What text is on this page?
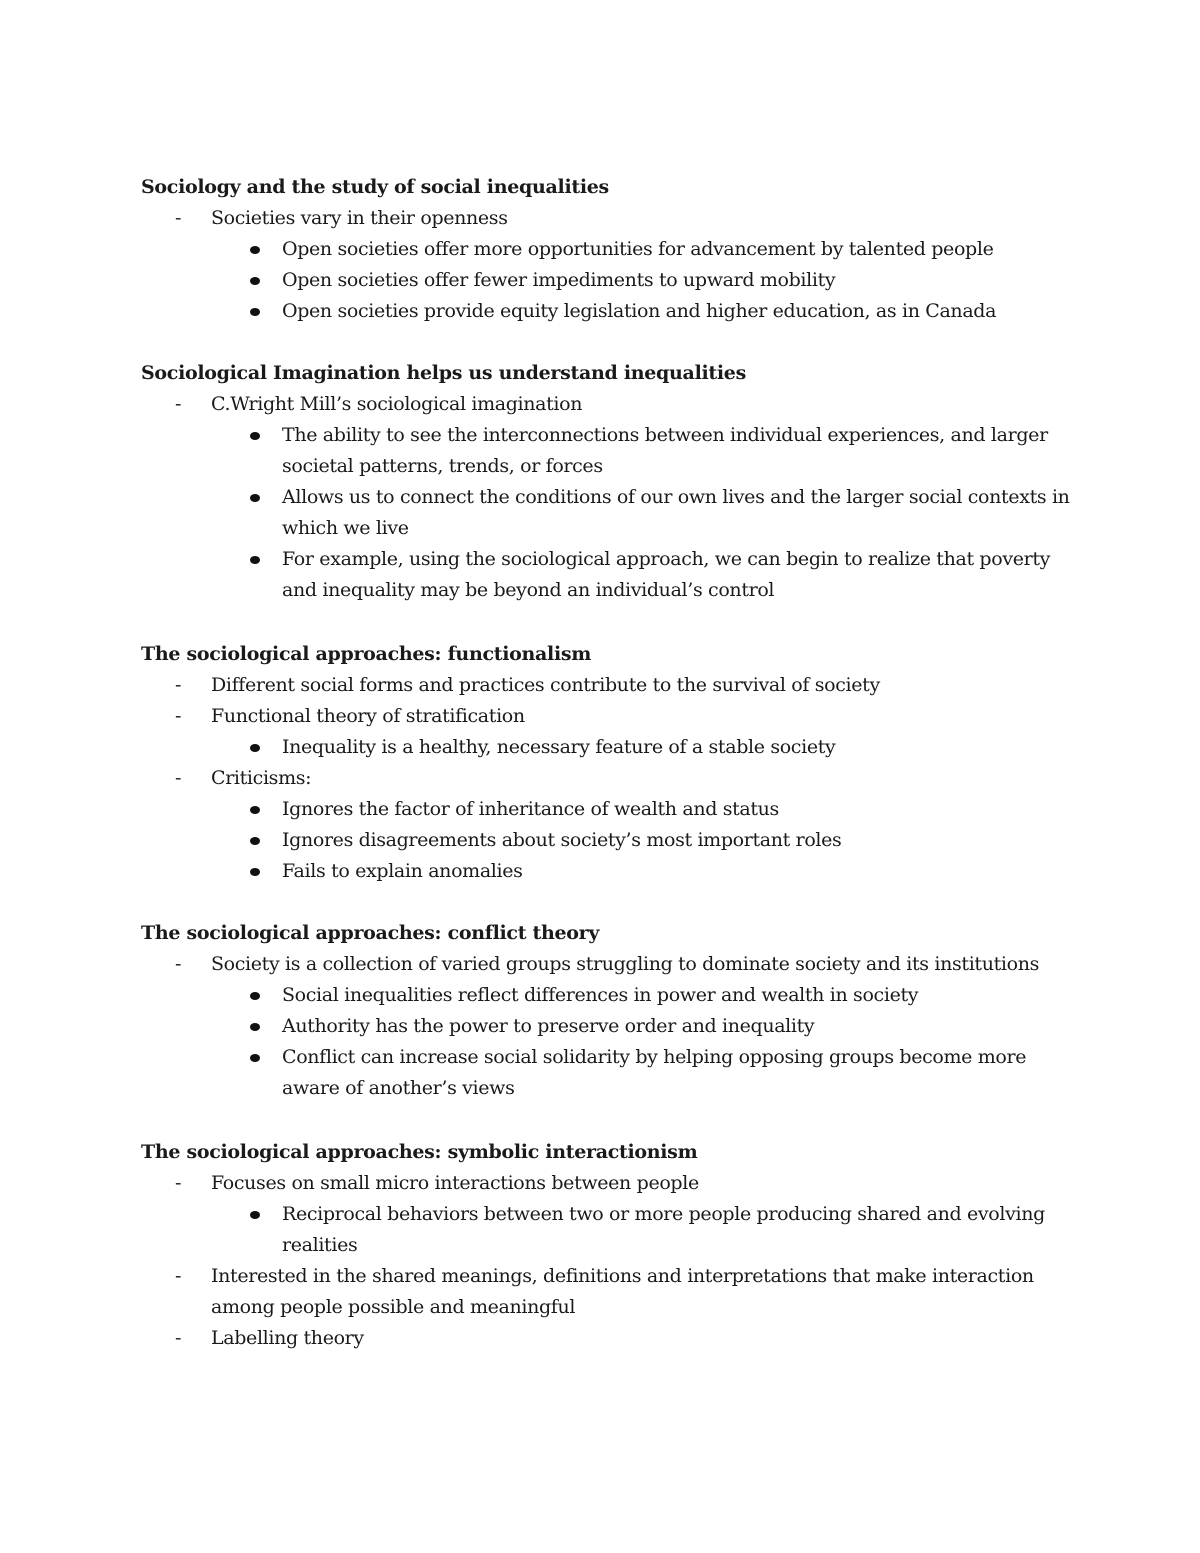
Sociology and the study of social inequalities
-	Societies vary in their openness
Open societies offer more opportunities for advancement by talented people
Open societies offer fewer impediments to upward mobility
Open societies provide equity legislation and higher education, as in Canada
Sociological Imagination helps us understand inequalities
-	C.Wright Mill’s sociological imagination
The ability to see the interconnections between individual experiences, and larger societal patterns, trends, or forces
Allows us to connect the conditions of our own lives and the larger social contexts in which we live
For example, using the sociological approach, we can begin to realize that poverty and inequality may be beyond an individual’s control
The sociological approaches: functionalism
-	Different social forms and practices contribute to the survival of society
-	Functional theory of stratification
Inequality is a healthy, necessary feature of a stable society
-	Criticisms:
Ignores the factor of inheritance of wealth and status
Ignores disagreements about society’s most important roles
Fails to explain anomalies
The sociological approaches: conflict theory
-	Society is a collection of varied groups struggling to dominate society and its institutions
Social inequalities reflect differences in power and wealth in society
Authority has the power to preserve order and inequality
Conflict can increase social solidarity by helping opposing groups become more aware of another’s views
The sociological approaches: symbolic interactionism
-	Focuses on small micro interactions between people
Reciprocal behaviors between two or more people producing shared and evolving realities
-	Interested in the shared meanings, definitions and interpretations that make interaction among people possible and meaningful
-	Labelling theory
